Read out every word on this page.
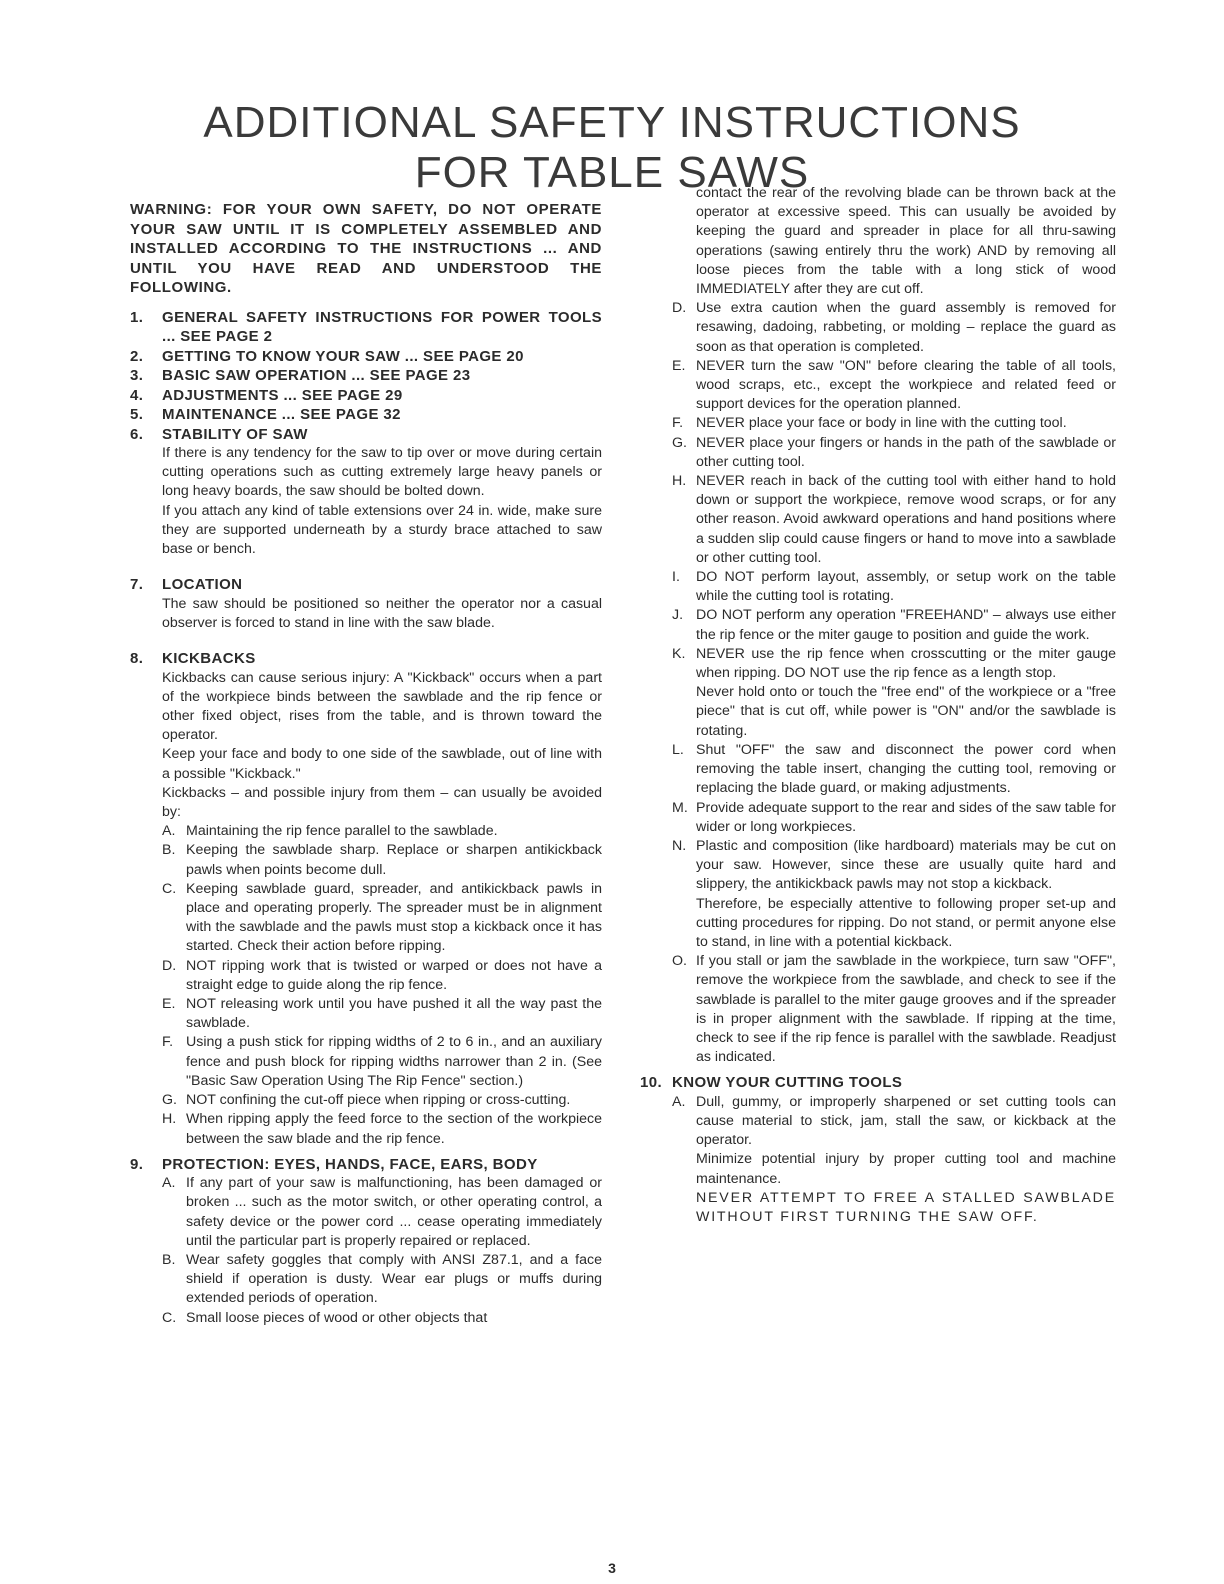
ADDITIONAL SAFETY INSTRUCTIONS
FOR TABLE SAWS
WARNING: FOR YOUR OWN SAFETY, DO NOT OPERATE YOUR SAW UNTIL IT IS COMPLETELY ASSEMBLED AND INSTALLED ACCORDING TO THE INSTRUCTIONS ... AND UNTIL YOU HAVE READ AND UNDERSTOOD THE FOLLOWING.
1.	GENERAL SAFETY INSTRUCTIONS FOR POWER TOOLS ... SEE PAGE 2
2.	GETTING TO KNOW YOUR SAW ... SEE PAGE 20
3.	BASIC SAW OPERATION ... SEE PAGE 23
4.	ADJUSTMENTS ... SEE PAGE 29
5.	MAINTENANCE ... SEE PAGE 32
6.	STABILITY OF SAW

If there is any tendency for the saw to tip over or move during certain cutting operations such as cutting extremely large heavy panels or long heavy boards, the saw should be bolted down.

If you attach any kind of table extensions over 24 in. wide, make sure they are supported underneath by a sturdy brace attached to saw base or bench.

7.	LOCATION

The saw should be positioned so neither the operator nor a casual observer is forced to stand in line with the saw blade.

8.	KICKBACKS

Kickbacks can cause serious injury: A "Kickback" occurs when a part of the workpiece binds between the sawblade and the rip fence or other fixed object, rises from the table, and is thrown toward the operator.

Keep your face and body to one side of the sawblade, out of line with a possible "Kickback."

Kickbacks – and possible injury from them – can usually be avoided by:

A. Maintaining the rip fence parallel to the sawblade.
B. Keeping the sawblade sharp. Replace or sharpen antikickback pawls when points become dull.
C. Keeping sawblade guard, spreader, and antikickback pawls in place and operating properly. The spreader must be in alignment with the sawblade and the pawls must stop a kickback once it has started. Check their action before ripping.
D. NOT ripping work that is twisted or warped or does not have a straight edge to guide along the rip fence.
E. NOT releasing work until you have pushed it all the way past the sawblade.
F. Using a push stick for ripping widths of 2 to 6 in., and an auxiliary fence and push block for ripping widths narrower than 2 in. (See "Basic Saw Operation Using The Rip Fence" section.)
G. NOT confining the cut-off piece when ripping or cross-cutting.
H. When ripping apply the feed force to the section of the workpiece between the saw blade and the rip fence.
9.	PROTECTION: EYES, HANDS, FACE, EARS, BODY
A. If any part of your saw is malfunctioning, has been damaged or broken ... such as the motor switch, or other operating control, a safety device or the power cord ... cease operating immediately until the particular part is properly repaired or replaced.
B. Wear safety goggles that comply with ANSI Z87.1, and a face shield if operation is dusty. Wear ear plugs or muffs during extended periods of operation.
C. Small loose pieces of wood or other objects that

contact the rear of the revolving blade can be thrown back at the operator at excessive speed. This can usually be avoided by keeping the guard and spreader in place for all thru-sawing operations (sawing entirely thru the work) AND by removing all loose pieces from the table with a long stick of wood IMMEDIATELY after they are cut off.

D. Use extra caution when the guard assembly is removed for resawing, dadoing, rabbeting, or molding – replace the guard as soon as that operation is completed.
E. NEVER turn the saw "ON" before clearing the table of all tools, wood scraps, etc., except the workpiece and related feed or support devices for the operation planned.
F. NEVER place your face or body in line with the cutting tool.
G. NEVER place your fingers or hands in the path of the sawblade or other cutting tool.
H. NEVER reach in back of the cutting tool with either hand to hold down or support the workpiece, remove wood scraps, or for any other reason. Avoid awkward operations and hand positions where a sudden slip could cause fingers or hand to move into a sawblade or other cutting tool.
I.	DO NOT perform layout, assembly, or setup work on the table while the cutting tool is rotating.
J. DO NOT perform any operation "FREEHAND" – always use either the rip fence or the miter gauge to position and guide the work.
K. NEVER use the rip fence when crosscutting or the miter gauge when ripping. DO NOT use the rip fence as a length stop.
Never hold onto or touch the "free end" of the workpiece or a "free piece" that is cut off, while power is "ON" and/or the sawblade is rotating.
L. Shut "OFF" the saw and disconnect the power cord when removing the table insert, changing the cutting tool, removing or replacing the blade guard, or making adjustments.
M. Provide adequate support to the rear and sides of the saw table for wider or long workpieces.
N. Plastic and composition (like hardboard) materials may be cut on your saw. However, since these are usually quite hard and slippery, the antikickback pawls may not stop a kickback.
Therefore, be especially attentive to following proper set-up and cutting procedures for ripping. Do not stand, or permit anyone else to stand, in line with a potential kickback.
O. If you stall or jam the sawblade in the workpiece, turn saw "OFF", remove the workpiece from the sawblade, and check to see if the sawblade is parallel to the miter gauge grooves and if the spreader is in proper alignment with the sawblade. If ripping at the time, check to see if the rip fence is parallel with the sawblade. Readjust as indicated.
10. KNOW YOUR CUTTING TOOLS
A. Dull, gummy, or improperly sharpened or set cutting tools can cause material to stick, jam, stall the saw, or kickback at the operator.
Minimize potential injury by proper cutting tool and machine maintenance.
NEVER ATTEMPT TO FREE A STALLED SAWBLADE WITHOUT FIRST TURNING THE SAW OFF.
3
